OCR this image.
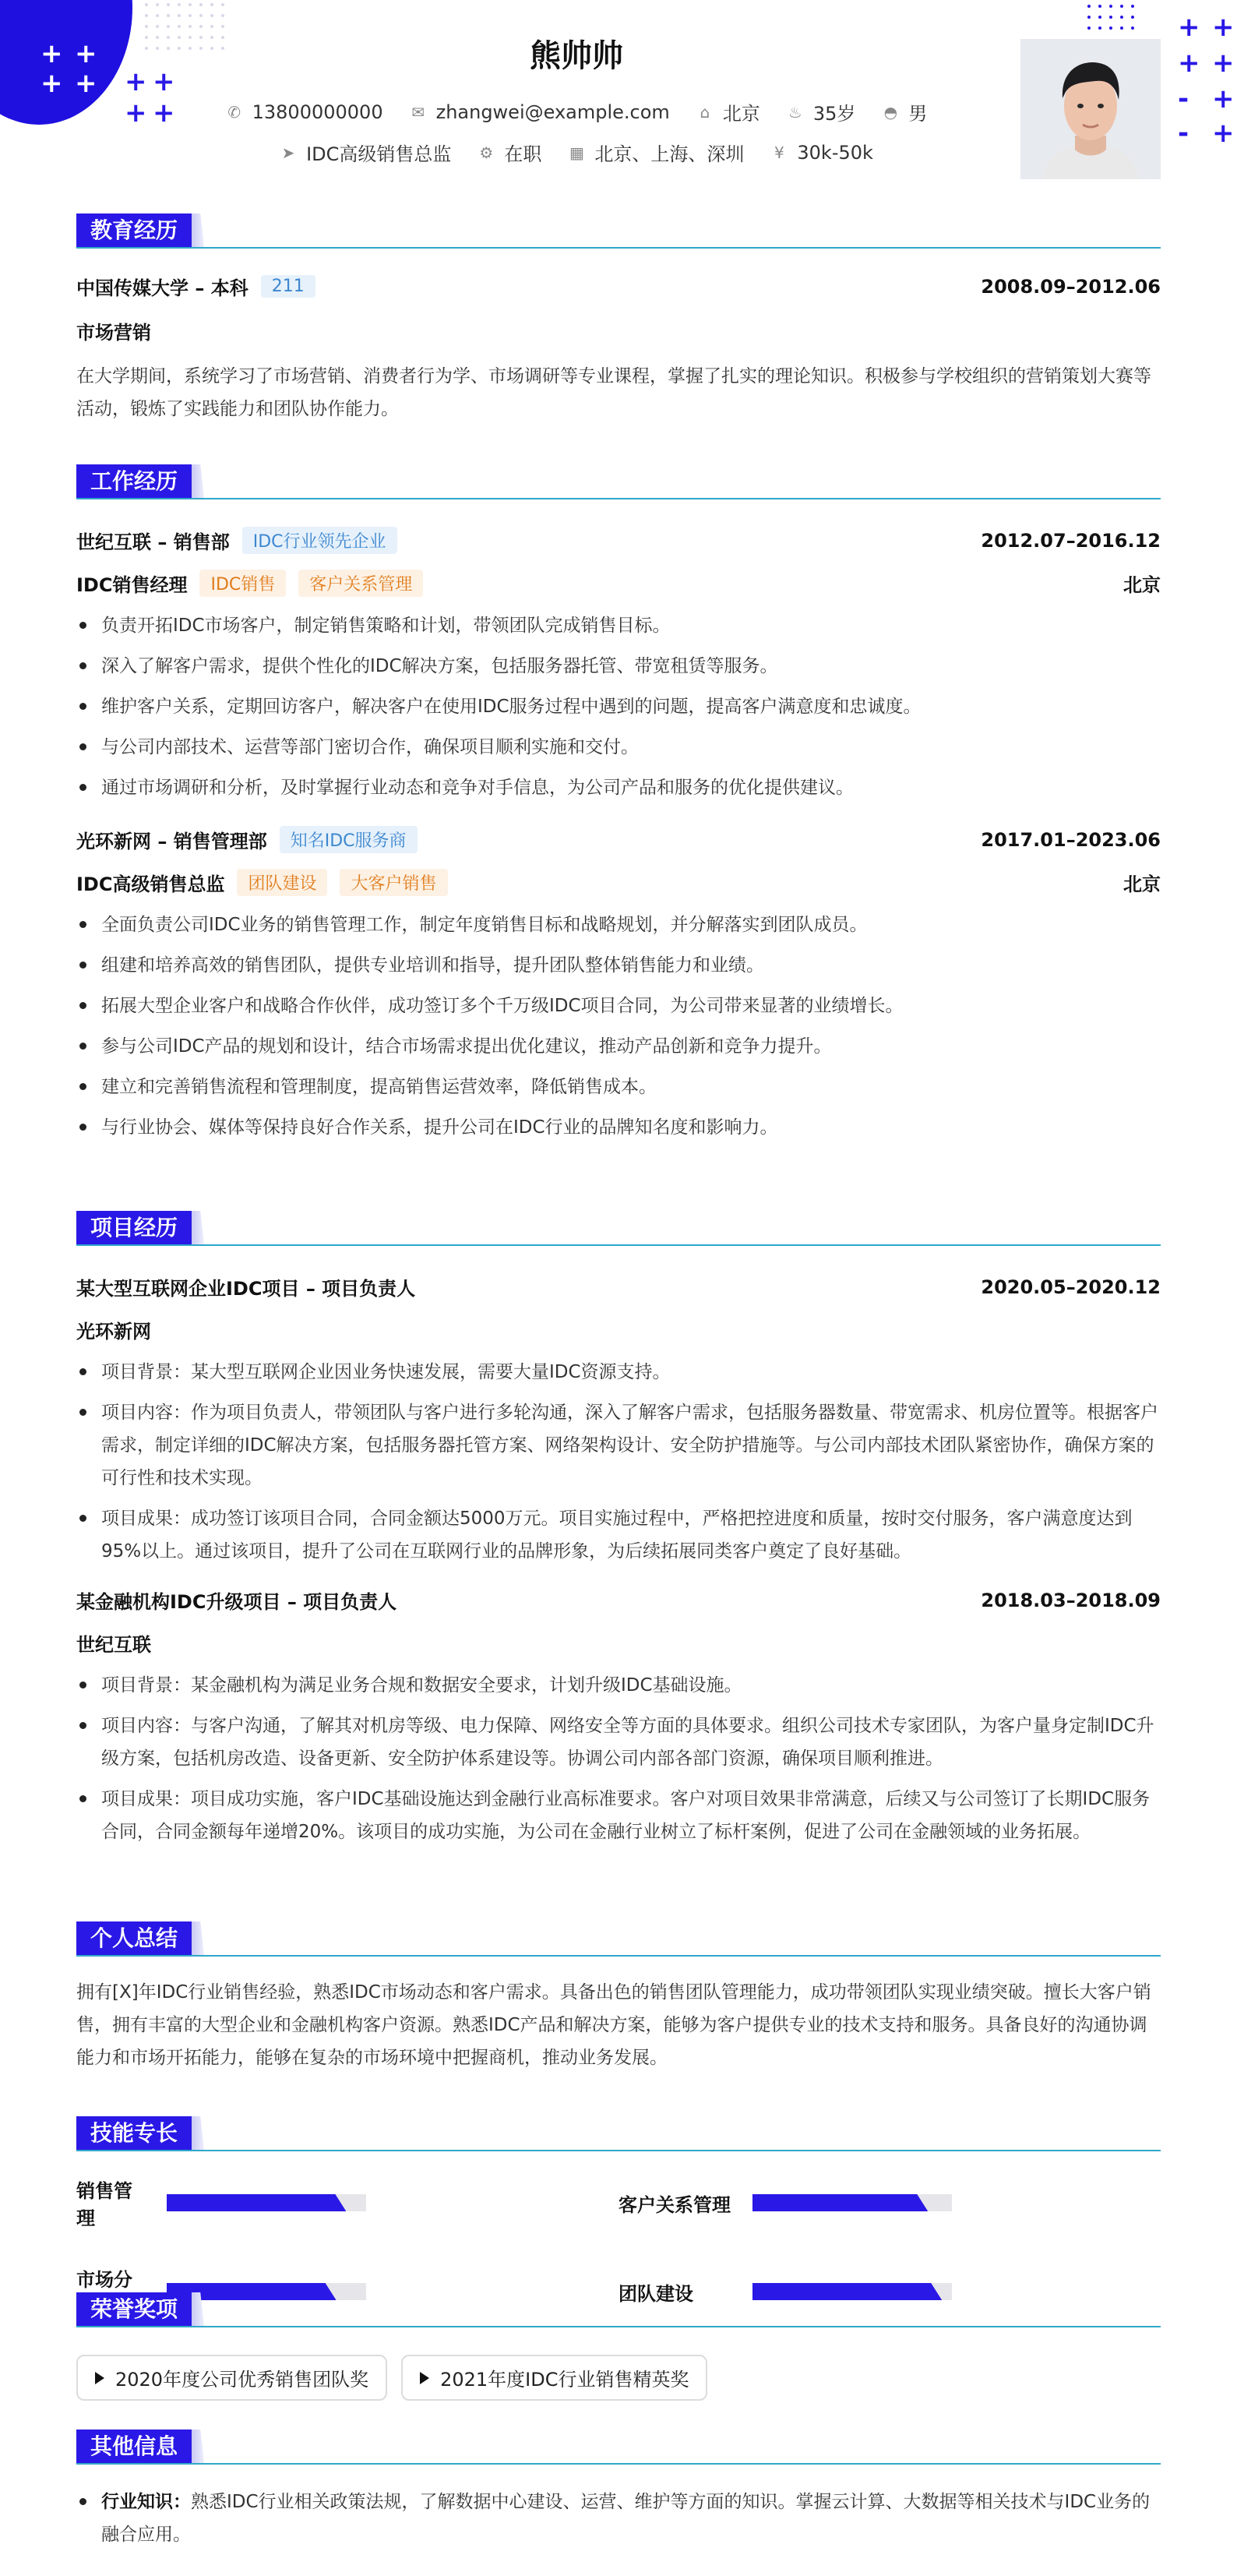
+ +
+ + + +
+ +
+ +
+ +
- +
- +
熊帅帅
✆ 13800000000 ✉ zhangwei@example.com ⌂ 北京 ♨ 35岁 ◓ 男
➤ IDC高级销售总监 ⚙ 在职 ▦ 北京、上海、深圳 ¥ 30k-50k
教育经历
中国传媒大学 – 本科	211	2008.09–2012.06
市场营销
在大学期间，系统学习了市场营销、消费者行为学、市场调研等专业课程，掌握了扎实的理论知识。积极参与学校组织的营销策划大赛等活动，锻炼了实践能力和团队协作能力。
工作经历
世纪互联 – 销售部	IDC行业领先企业	2012.07–2016.12
IDC销售经理	IDC销售	客户关系管理	北京
负责开拓IDC市场客户，制定销售策略和计划，带领团队完成销售目标。
深入了解客户需求，提供个性化的IDC解决方案，包括服务器托管、带宽租赁等服务。
维护客户关系，定期回访客户，解决客户在使用IDC服务过程中遇到的问题，提高客户满意度和忠诚度。
与公司内部技术、运营等部门密切合作，确保项目顺利实施和交付。
通过市场调研和分析，及时掌握行业动态和竞争对手信息，为公司产品和服务的优化提供建议。
光环新网 – 销售管理部	知名IDC服务商	2017.01–2023.06
IDC高级销售总监	团队建设	大客户销售	北京
全面负责公司IDC业务的销售管理工作，制定年度销售目标和战略规划，并分解落实到团队成员。
组建和培养高效的销售团队，提供专业培训和指导，提升团队整体销售能力和业绩。
拓展大型企业客户和战略合作伙伴，成功签订多个千万级IDC项目合同，为公司带来显著的业绩增长。
参与公司IDC产品的规划和设计，结合市场需求提出优化建议，推动产品创新和竞争力提升。
建立和完善销售流程和管理制度，提高销售运营效率，降低销售成本。
与行业协会、媒体等保持良好合作关系，提升公司在IDC行业的品牌知名度和影响力。
项目经历
某大型互联网企业IDC项目 – 项目负责人	2020.05–2020.12
光环新网
项目背景：某大型互联网企业因业务快速发展，需要大量IDC资源支持。
项目内容：作为项目负责人，带领团队与客户进行多轮沟通，深入了解客户需求，包括服务器数量、带宽需求、机房位置等。根据客户需求，制定详细的IDC解决方案，包括服务器托管方案、网络架构设计、安全防护措施等。与公司内部技术团队紧密协作，确保方案的可行性和技术实现。
项目成果：成功签订该项目合同，合同金额达5000万元。项目实施过程中，严格把控进度和质量，按时交付服务，客户满意度达到95%以上。通过该项目，提升了公司在互联网行业的品牌形象，为后续拓展同类客户奠定了良好基础。
某金融机构IDC升级项目 – 项目负责人	2018.03–2018.09
世纪互联
项目背景：某金融机构为满足业务合规和数据安全要求，计划升级IDC基础设施。
项目内容：与客户沟通，了解其对机房等级、电力保障、网络安全等方面的具体要求。组织公司技术专家团队，为客户量身定制IDC升级方案，包括机房改造、设备更新、安全防护体系建设等。协调公司内部各部门资源，确保项目顺利推进。
项目成果：项目成功实施，客户IDC基础设施达到金融行业高标准要求。客户对项目效果非常满意，后续又与公司签订了长期IDC服务合同，合同金额每年递增20%。该项目的成功实施，为公司在金融行业树立了标杆案例，促进了公司在金融领域的业务拓展。
个人总结
拥有[X]年IDC行业销售经验，熟悉IDC市场动态和客户需求。具备出色的销售团队管理能力，成功带领团队实现业绩突破。擅长大客户销售，拥有丰富的大型企业和金融机构客户资源。熟悉IDC产品和解决方案，能够为客户提供专业的技术支持和服务。具备良好的沟通协调能力和市场开拓能力，能够在复杂的市场环境中把握商机，推动业务发展。
技能专长
销售管理
客户关系管理
市场分
团队建设
荣誉奖项
2020年度公司优秀销售团队奖	2021年度IDC行业销售精英奖
其他信息
行业知识：熟悉IDC行业相关政策法规，了解数据中心建设、运营、维护等方面的知识。掌握云计算、大数据等相关技术与IDC业务的融合应用。
